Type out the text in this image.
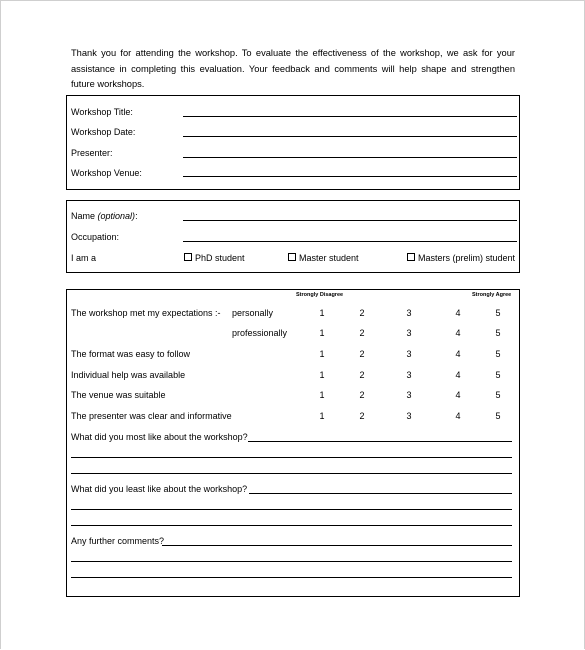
Thank you for attending the workshop. To evaluate the effectiveness of the workshop, we ask for your assistance in completing this evaluation. Your feedback and comments will help shape and strengthen future workshops.
Workshop Title:
Workshop Date:
Presenter:
Workshop Venue:
Name (optional):
Occupation:
I am a	PhD student	Master student	Masters (prelim) student
Strongly Disagree	Strongly Agree
The workshop met my expectations :- personally	1	2	3	4	5
professionally	1	2	3	4	5
The format was easy to follow	1	2	3	4	5
Individual help was available	1	2	3	4	5
The venue was suitable	1	2	3	4	5
The presenter was clear and informative	1	2	3	4	5
What did you most like about the workshop?
What did you least like about the workshop?
Any further comments?
